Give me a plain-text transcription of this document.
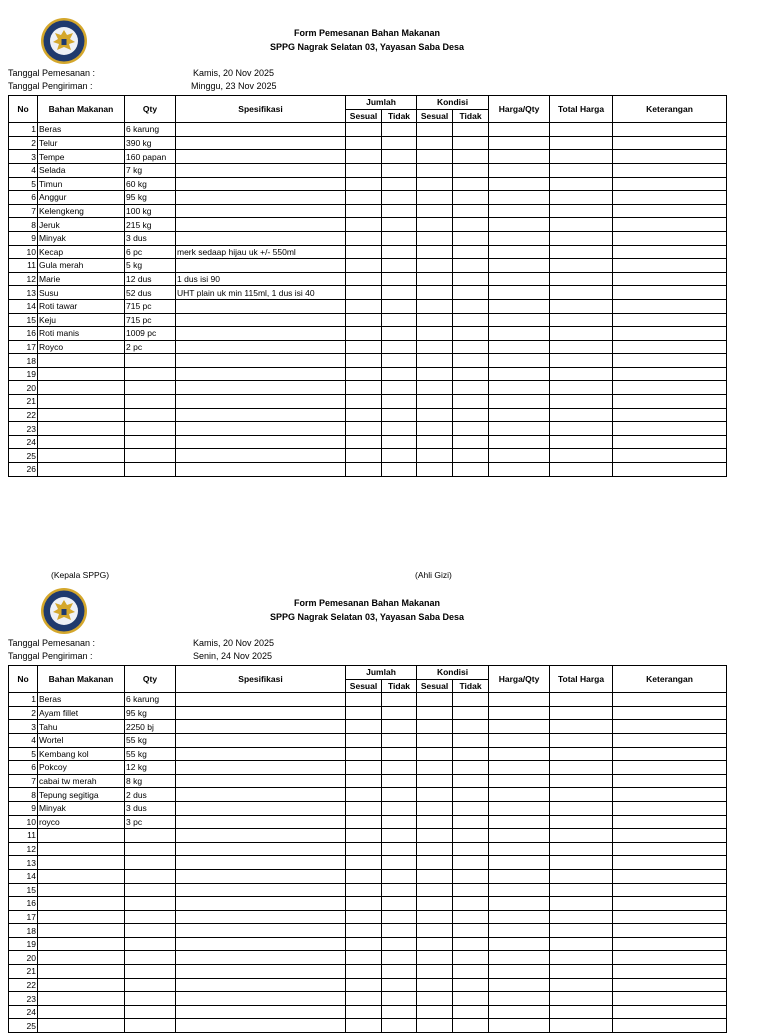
Form Pemesanan Bahan Makanan
SPPG Nagrak Selatan 03, Yayasan Saba Desa
Tanggal Pemesanan :	Kamis, 20 Nov 2025
Tanggal Pengiriman :	Minggu, 23 Nov 2025
No	Bahan Makanan	Qty	Spesifikasi	Jumlah		Kondisi		Harga/Qty	Total Harga	Keterangan
				Sesual	Tidak	Sesual	Tidak			
1	Beras	6 karung								
2	Telur	390 kg								
3	Tempe	160 papan								
4	Selada	7 kg								
5	Timun	60 kg								
6	Anggur	95 kg								
7	Kelengkeng	100 kg								
8	Jeruk	215 kg								
9	Minyak	3 dus								
10	Kecap	6 pc	merk sedaap hijau uk +/- 550ml							
11	Gula merah	5 kg								
12	Marie	12 dus	1 dus isi 90							
13	Susu	52 dus	UHT plain uk min 115ml, 1 dus isi 40							
14	Roti tawar	715 pc								
15	Keju	715 pc								
16	Roti manis	1009 pc								
17	Royco	2 pc								
18										
19										
20										
21										
22										
23										
24										
25										
26										
(Kepala SPPG)	(Ahli Gizi)
Form Pemesanan Bahan Makanan
SPPG Nagrak Selatan 03, Yayasan Saba Desa
Tanggal Pemesanan :	Kamis, 20 Nov 2025
Tanggal Pengiriman :	Senin, 24 Nov 2025
No	Bahan Makanan	Qty	Spesifikasi	Jumlah		Kondisi		Harga/Qty	Total Harga	Keterangan
				Sesual	Tidak	Sesual	Tidak			
1	Beras	6 karung								
2	Ayam fillet	95 kg								
3	Tahu	2250 bj								
4	Wortel	55 kg								
5	Kembang kol	55 kg								
6	Pokcoy	12 kg								
7	cabai tw merah	8 kg								
8	Tepung segitiga	2 dus								
9	Minyak	3 dus								
10	royco	3 pc								
11										
12										
13										
14										
15										
16										
17										
18										
19										
20										
21										
22										
23										
24										
25										
